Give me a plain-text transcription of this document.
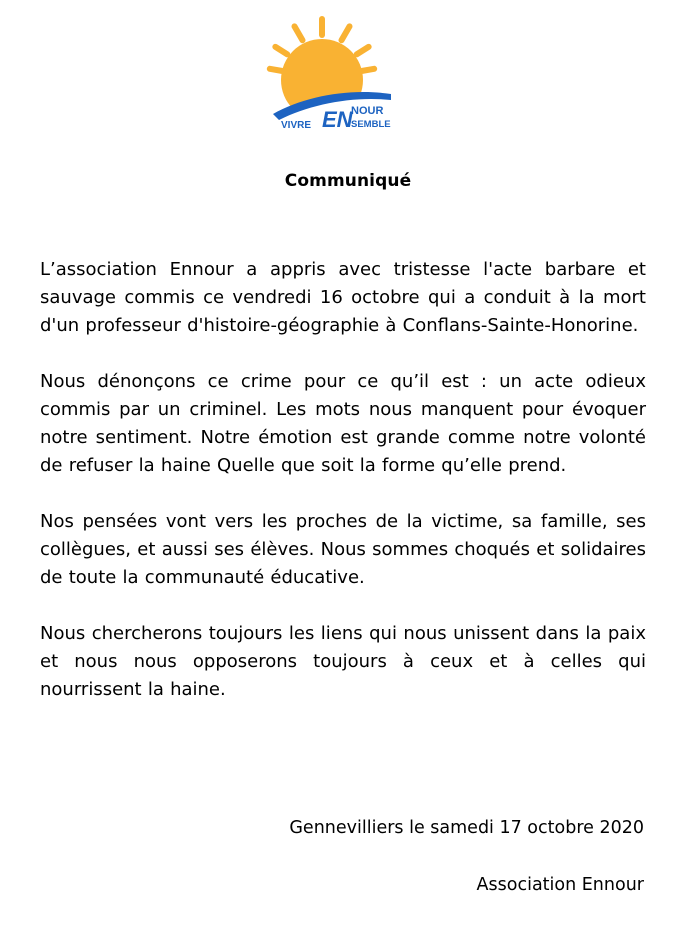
VIVRE EN
NOUR
SEMBLE
Communiqué

L’association Ennour a appris avec tristesse l'acte barbare et sauvage commis ce vendredi 16 octobre qui a conduit à la mort d'un professeur d'histoire-géographie à Conflans-Sainte-Honorine.

Nous dénonçons ce crime pour ce qu’il est : un acte odieux commis par un criminel. Les mots nous manquent pour évoquer notre sentiment. Notre émotion est grande comme notre volonté de refuser la haine Quelle que soit la forme qu’elle prend.

Nos pensées vont vers les proches de la victime, sa famille, ses collègues, et aussi ses élèves. Nous sommes choqués et solidaires de toute la communauté éducative.

Nous chercherons toujours les liens qui nous unissent dans la paix et nous nous opposerons toujours à ceux et à celles qui nourrissent la haine.

Gennevilliers le samedi 17 octobre 2020
Association Ennour
